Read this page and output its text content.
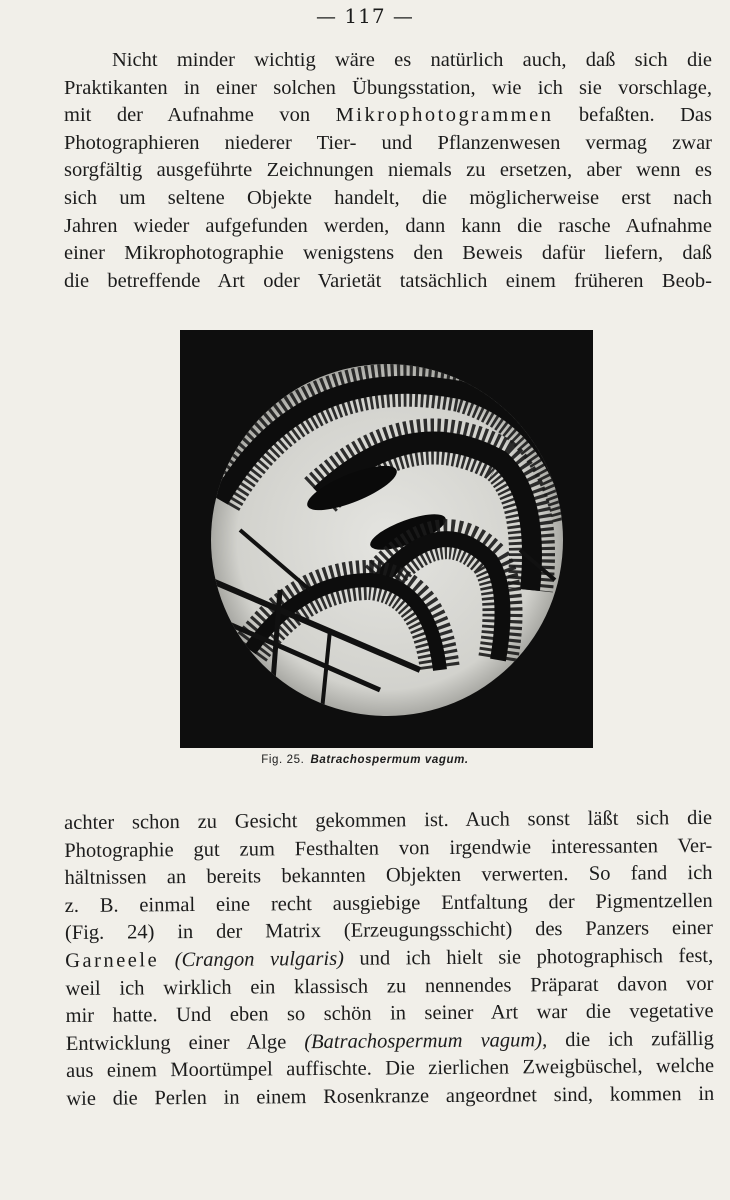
— 117 —

Nicht minder wichtig wäre es natürlich auch, daß sich die
Praktikanten in einer solchen Übungsstation, wie ich sie vorschlage,
mit der Aufnahme von Mikrophotogrammen befaßten. Das
Photographieren niederer Tier- und Pflanzenwesen vermag zwar
sorgfältig ausgeführte Zeichnungen niemals zu ersetzen, aber wenn es
sich um seltene Objekte handelt, die möglicherweise erst nach
Jahren wieder aufgefunden werden, dann kann die rasche Aufnahme
einer Mikrophotographie wenigstens den Beweis dafür liefern, daß
die betreffende Art oder Varietät tatsächlich einem früheren Beob-

Fig. 25. Batrachospermum vagum.

achter schon zu Gesicht gekommen ist. Auch sonst läßt sich die
Photographie gut zum Festhalten von irgendwie interessanten Ver-
hältnissen an bereits bekannten Objekten verwerten. So fand ich
z. B. einmal eine recht ausgiebige Entfaltung der Pigmentzellen
(Fig. 24) in der Matrix (Erzeugungsschicht) des Panzers einer
Garneele (Crangon vulgaris) und ich hielt sie photographisch fest,
weil ich wirklich ein klassisch zu nennendes Präparat davon vor
mir hatte. Und eben so schön in seiner Art war die vegetative
Entwicklung einer Alge (Batrachospermum vagum), die ich zufällig
aus einem Moortümpel auffischte. Die zierlichen Zweigbüschel, welche
wie die Perlen in einem Rosenkranze angeordnet sind, kommen in
